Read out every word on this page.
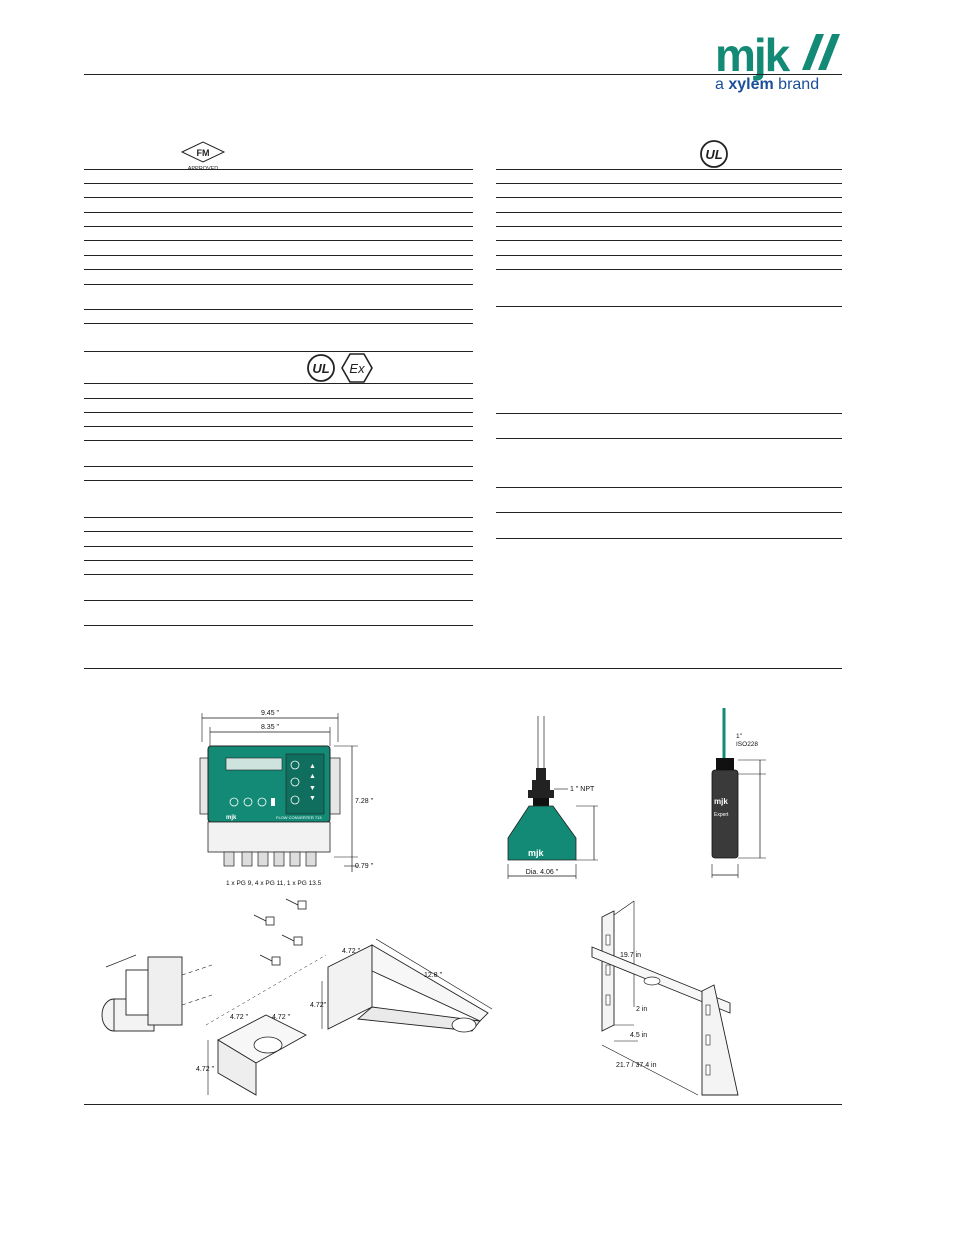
mjk
a xylem brand
FM
APPROVED
UL
UL Ex
9.45 "
8.35 "
▲
▲
▼
▼
mjk	FLOW CONVERTER 713
7.28 "
0.79 "
1 x PG 9, 4 x PG 11, 1 x PG 13.5
mjk
1 " NPT
Dia. 4.06 "
mjk
Expert
1"
ISO228
4.72 "	4.72 "
4.72 "
4.72 "
4.72"
12.8 "
19.7 in
2 in
4.5 in
21.7 / 37.4 in
